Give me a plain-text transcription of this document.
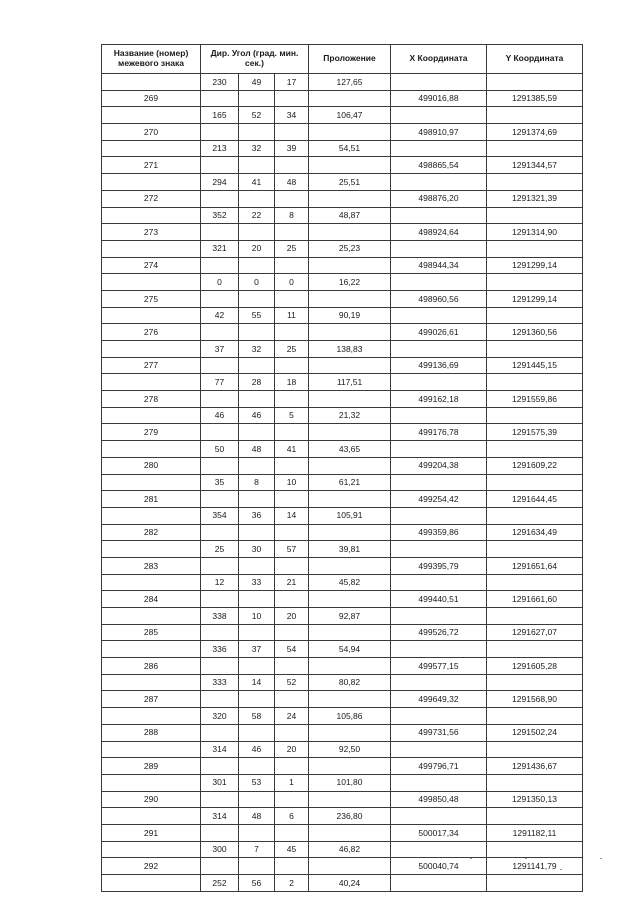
Название (номер) межевого знака	Дир. Угол (град. мин. сек.)			Проложение	X Координата	Y Координата
	230	49	17	127,65		
269					499016,88	1291385,59
	165	52	34	106,47		
270					498910,97	1291374,69
	213	32	39	54,51		
271					498865,54	1291344,57
	294	41	48	25,51		
272					498876,20	1291321,39
	352	22	8	48,87		
273					498924,64	1291314,90
	321	20	25	25,23		
274					498944,34	1291299,14
	0	0	0	16,22		
275					498960,56	1291299,14
	42	55	11	90,19		
276					499026,61	1291360,56
	37	32	25	138,83		
277					499136,69	1291445,15
	77	28	18	117,51		
278					499162,18	1291559,86
	46	46	5	21,32		
279					499176,78	1291575,39
	50	48	41	43,65		
280					499204,38	1291609,22
	35	8	10	61,21		
281					499254,42	1291644,45
	354	36	14	105,91		
282					499359,86	1291634,49
	25	30	57	39,81		
283					499395,79	1291651,64
	12	33	21	45,82		
284					499440,51	1291661,60
	338	10	20	92,87		
285					499526,72	1291627,07
	336	37	54	54,94		
286					499577,15	1291605,28
	333	14	52	80,82		
287					499649,32	1291568,90
	320	58	24	105,86		
288					499731,56	1291502,24
	314	46	20	92,50		
289					499796,71	1291436,67
	301	53	1	101,80		
290					499850,48	1291350,13
	314	48	6	236,80		
291					500017,34	1291182,11
	300	7	45	46,82		
292					500040,74	1291141,79
	252	56	2	40,24		
